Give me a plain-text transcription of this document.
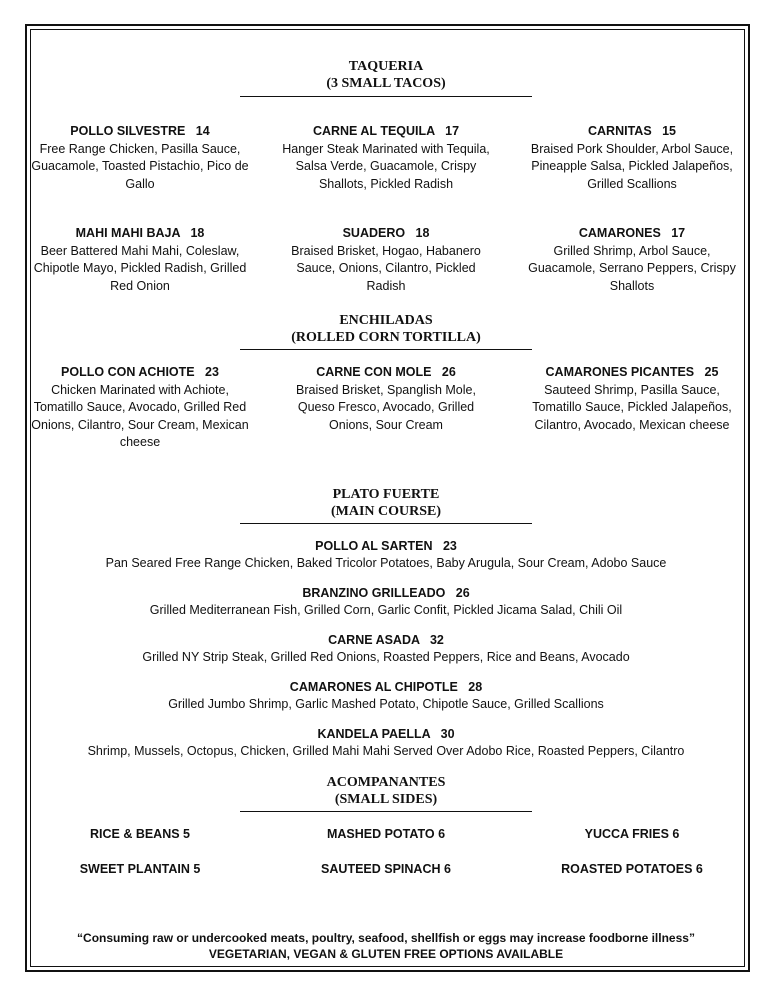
TAQUERIA
(3 SMALL TACOS)
POLLO SILVESTRE   14
Free Range Chicken, Pasilla Sauce, Guacamole, Toasted Pistachio, Pico de Gallo
CARNE AL TEQUILA   17
Hanger Steak Marinated with Tequila, Salsa Verde, Guacamole, Crispy Shallots, Pickled Radish
CARNITAS   15
Braised Pork Shoulder, Arbol Sauce, Pineapple Salsa, Pickled Jalapeños, Grilled Scallions
MAHI MAHI BAJA   18
Beer Battered Mahi Mahi, Coleslaw, Chipotle Mayo, Pickled Radish, Grilled Red Onion
SUADERO   18
Braised Brisket, Hogao, Habanero Sauce, Onions, Cilantro, Pickled Radish
CAMARONES   17
Grilled Shrimp, Arbol Sauce, Guacamole, Serrano Peppers, Crispy Shallots
ENCHILADAS
(ROLLED CORN TORTILLA)
POLLO CON ACHIOTE   23
Chicken Marinated with Achiote, Tomatillo Sauce, Avocado, Grilled Red Onions, Cilantro, Sour Cream, Mexican cheese
CARNE CON MOLE   26
Braised Brisket, Spanglish Mole, Queso Fresco, Avocado, Grilled Onions, Sour Cream
CAMARONES PICANTES   25
Sauteed Shrimp, Pasilla Sauce, Tomatillo Sauce, Pickled Jalapeños, Cilantro, Avocado, Mexican cheese
PLATO FUERTE
(MAIN COURSE)
POLLO AL SARTEN   23
Pan Seared Free Range Chicken, Baked Tricolor Potatoes, Baby Arugula, Sour Cream, Adobo Sauce
BRANZINO GRILLEADO   26
Grilled Mediterranean Fish, Grilled Corn, Garlic Confit, Pickled Jicama Salad, Chili Oil
CARNE ASADA   32
Grilled NY Strip Steak, Grilled Red Onions, Roasted Peppers, Rice and Beans, Avocado
CAMARONES AL CHIPOTLE   28
Grilled Jumbo Shrimp, Garlic Mashed Potato, Chipotle Sauce, Grilled Scallions
KANDELA PAELLA   30
Shrimp, Mussels, Octopus, Chicken, Grilled Mahi Mahi Served Over Adobo Rice, Roasted Peppers, Cilantro
ACOMPANANTES
(SMALL SIDES)
RICE & BEANS 5	MASHED POTATO 6	YUCCA FRIES 6
SWEET PLANTAIN 5	SAUTEED SPINACH 6	ROASTED POTATOES 6
“Consuming raw or undercooked meats, poultry, seafood, shellfish or eggs may increase foodborne illness”
VEGETARIAN, VEGAN & GLUTEN FREE OPTIONS AVAILABLE
